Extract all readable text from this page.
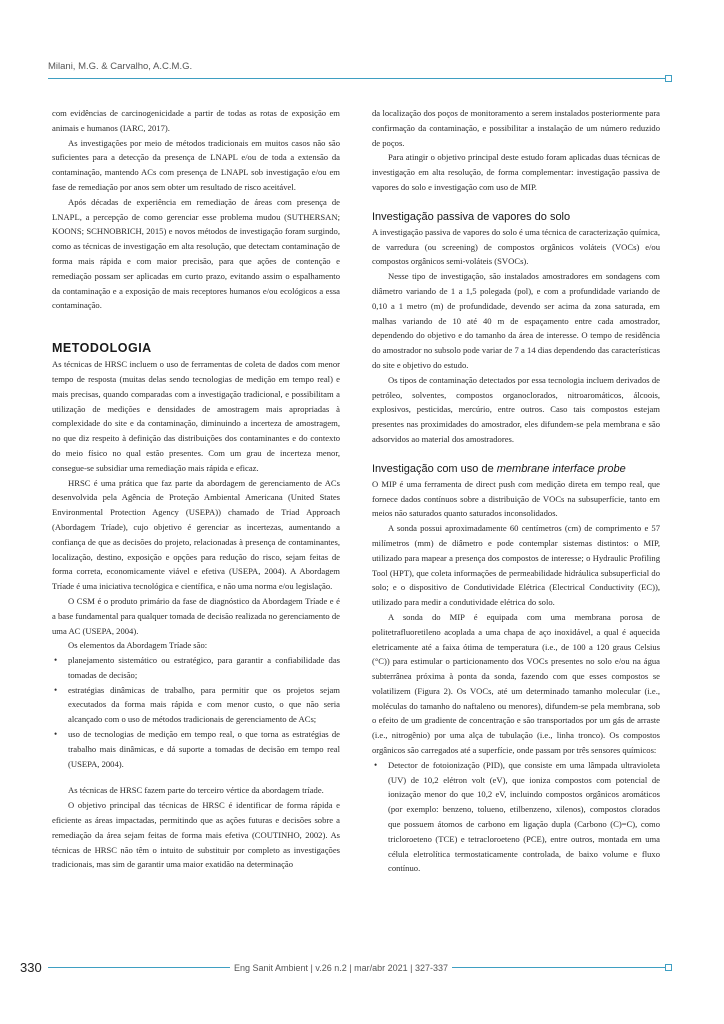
Milani, M.G. & Carvalho, A.C.M.G.

com evidências de carcinogenicidade a partir de todas as rotas de exposição em animais e humanos (IARC, 2017).

As investigações por meio de métodos tradicionais em muitos casos não são suficientes para a detecção da presença de LNAPL e/ou de toda a extensão da contaminação, mantendo ACs com presença de LNAPL sob investigação e/ou em fase de remediação por anos sem obter um resultado de risco aceitável.

Após décadas de experiência em remediação de áreas com presença de LNAPL, a percepção de como gerenciar esse problema mudou (SUTHERSAN; KOONS; SCHNOBRICH, 2015) e novos métodos de investigação foram surgindo, como as técnicas de investigação em alta resolução, que detectam contaminação de forma mais rápida e com maior precisão, para que ações de contenção e remediação possam ser aplicadas em curto prazo, evitando assim o espalhamento da contaminação e a exposição de mais receptores humanos e/ou ecológicos a essa contaminação.

METODOLOGIA

As técnicas de HRSC incluem o uso de ferramentas de coleta de dados com menor tempo de resposta (muitas delas sendo tecnologias de medição em tempo real) e mais precisas, quando comparadas com a investigação tradicional, e possibilitam a utilização de medições e densidades de amostragem mais apropriadas à complexidade do site e da contaminação, diminuindo a incerteza de amostragem, no que diz respeito à definição das distribuições dos contaminantes e do contexto do meio físico no qual estão presentes. Com um grau de incerteza menor, consegue-se subsidiar uma remediação mais rápida e eficaz.

HRSC é uma prática que faz parte da abordagem de gerenciamento de ACs desenvolvida pela Agência de Proteção Ambiental Americana (United States Environmental Protection Agency (USEPA)) chamado de Triad Approach (Abordagem Tríade), cujo objetivo é gerenciar as incertezas, aumentando a confiança de que as decisões do projeto, relacionadas à presença de contaminantes, localização, destino, exposição e opções para redução do risco, sejam feitas de forma correta, economicamente viável e efetiva (USEPA, 2004). A Abordagem Tríade é uma iniciativa tecnológica e científica, e não uma norma e/ou legislação.

O CSM é o produto primário da fase de diagnóstico da Abordagem Tríade e é a base fundamental para qualquer tomada de decisão realizada no gerenciamento de uma AC (USEPA, 2004).

Os elementos da Abordagem Tríade são:

• planejamento sistemático ou estratégico, para garantir a confiabilidade das tomadas de decisão;

• estratégias dinâmicas de trabalho, para permitir que os projetos sejam executados da forma mais rápida e com menor custo, o que não seria alcançado com o uso de métodos tradicionais de gerenciamento de ACs;

• uso de tecnologias de medição em tempo real, o que torna as estratégias de trabalho mais dinâmicas, e dá suporte a tomadas de decisão em tempo real (USEPA, 2004).

As técnicas de HRSC fazem parte do terceiro vértice da abordagem tríade.

O objetivo principal das técnicas de HRSC é identificar de forma rápida e eficiente as áreas impactadas, permitindo que as ações futuras e decisões sobre a remediação da área sejam feitas de forma mais efetiva (COUTINHO, 2002). As técnicas de HRSC não têm o intuito de substituir por completo as investigações tradicionais, mas sim de garantir uma maior exatidão na determinação

da localização dos poços de monitoramento a serem instalados posteriormente para confirmação da contaminação, e possibilitar a instalação de um número reduzido de poços.

Para atingir o objetivo principal deste estudo foram aplicadas duas técnicas de investigação em alta resolução, de forma complementar: investigação passiva de vapores do solo e investigação com uso de MIP.

Investigação passiva de vapores do solo

A investigação passiva de vapores do solo é uma técnica de caracterização química, de varredura (ou screening) de compostos orgânicos voláteis (VOCs) e/ou compostos orgânicos semi-voláteis (SVOCs).

Nesse tipo de investigação, são instalados amostradores em sondagens com diâmetro variando de 1 a 1,5 polegada (pol), e com a profundidade variando de 0,10 a 1 metro (m) de profundidade, devendo ser acima da zona saturada, em malhas variando de 10 até 40 m de espaçamento entre cada amostrador, dependendo do objetivo e do tamanho da área de interesse. O tempo de residência do amostrador no subsolo pode variar de 7 a 14 dias dependendo das características do site e objetivo do estudo.

Os tipos de contaminação detectados por essa tecnologia incluem derivados de petróleo, solventes, compostos organoclorados, nitroaromáticos, álcoois, explosivos, pesticidas, mercúrio, entre outros. Caso tais compostos estejam presentes nas proximidades do amostrador, eles difundem-se pela membrana e são adsorvidos ao material dos amostradores.

Investigação com uso de membrane interface probe

O MIP é uma ferramenta de direct push com medição direta em tempo real, que fornece dados contínuos sobre a distribuição de VOCs na subsuperfície, tanto em meios não saturados quanto saturados inconsolidados.

A sonda possui aproximadamente 60 centímetros (cm) de comprimento e 57 milímetros (mm) de diâmetro e pode contemplar sistemas distintos: o MIP, utilizado para mapear a presença dos compostos de interesse; o Hydraulic Profiling Tool (HPT), que coleta informações de permeabilidade hidráulica subsuperficial do solo; e o dispositivo de Condutividade Elétrica (Electrical Conductivity (EC)), utilizado para medir a condutividade elétrica do solo.

A sonda do MIP é equipada com uma membrana porosa de politetrafluoretileno acoplada a uma chapa de aço inoxidável, a qual é aquecida eletricamente até a faixa ótima de temperatura (i.e., de 100 a 120 graus Celsius (°C)) para estimular o particionamento dos VOCs presentes no solo e/ou na água subterrânea próxima à ponta da sonda, fazendo com que esses compostos se volatilizem (Figura 2). Os VOCs, até um determinado tamanho molecular (i.e., moléculas do tamanho do naftaleno ou menores), difundem-se pela membrana, sob o efeito de um gradiente de concentração e são transportados por um gás de arraste (i.e., nitrogênio) por uma alça de tubulação (i.e., linha tronco). Os compostos orgânicos são carregados até a superfície, onde passam por três sensores químicos:

• Detector de fotoionização (PID), que consiste em uma lâmpada ultravioleta (UV) de 10,2 elétron volt (eV), que ioniza compostos com potencial de ionização menor do que 10,2 eV, incluindo compostos orgânicos aromáticos (por exemplo: benzeno, tolueno, etilbenzeno, xilenos), compostos clorados que possuem átomos de carbono em ligação dupla (Carbono (C)=C), como tricloroeteno (TCE) e tetracloroeteno (PCE), entre outros, montada em uma célula eletrolítica termostaticamente controlada, de baixo volume e fluxo contínuo.

330	Eng Sanit Ambient | v.26 n.2 | mar/abr 2021 | 327-337
